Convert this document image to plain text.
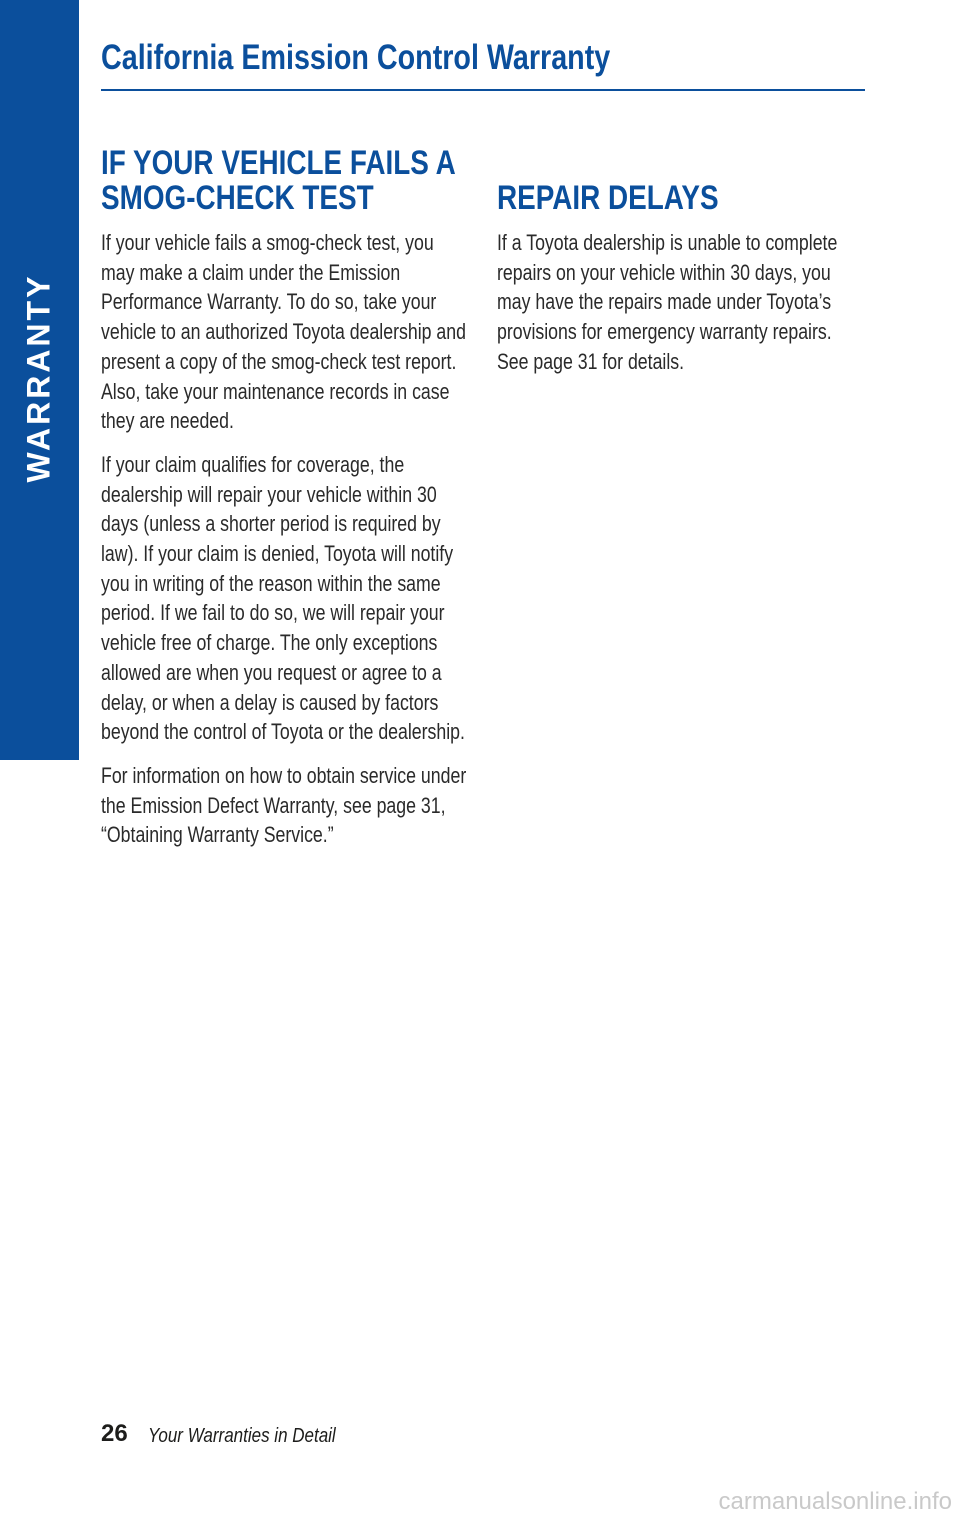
WARRANTY
California Emission Control Warranty
IF YOUR VEHICLE FAILS A
SMOG-CHECK TEST

If your vehicle fails a smog-check test, you may make a claim under the Emission Performance Warranty. To do so, take your vehicle to an authorized Toyota dealership and present a copy of the smog-check test report. Also, take your maintenance records in case they are needed.

If your claim qualifies for coverage, the dealership will repair your vehicle within 30 days (unless a shorter period is required by law). If your claim is denied, Toyota will notify you in writing of the reason within the same period. If we fail to do so, we will repair your vehicle free of charge. The only exceptions allowed are when you request or agree to a delay, or when a delay is caused by factors beyond the control of Toyota or the dealership.

For information on how to obtain service under the Emission Defect Warranty, see page 31, “Obtaining Warranty Service.”

REPAIR DELAYS

If a Toyota dealership is unable to complete repairs on your vehicle within 30 days, you may have the repairs made under Toyota’s provisions for emergency warranty repairs. See page 31 for details.

26 Your Warranties in Detail
carmanualsonline.info
